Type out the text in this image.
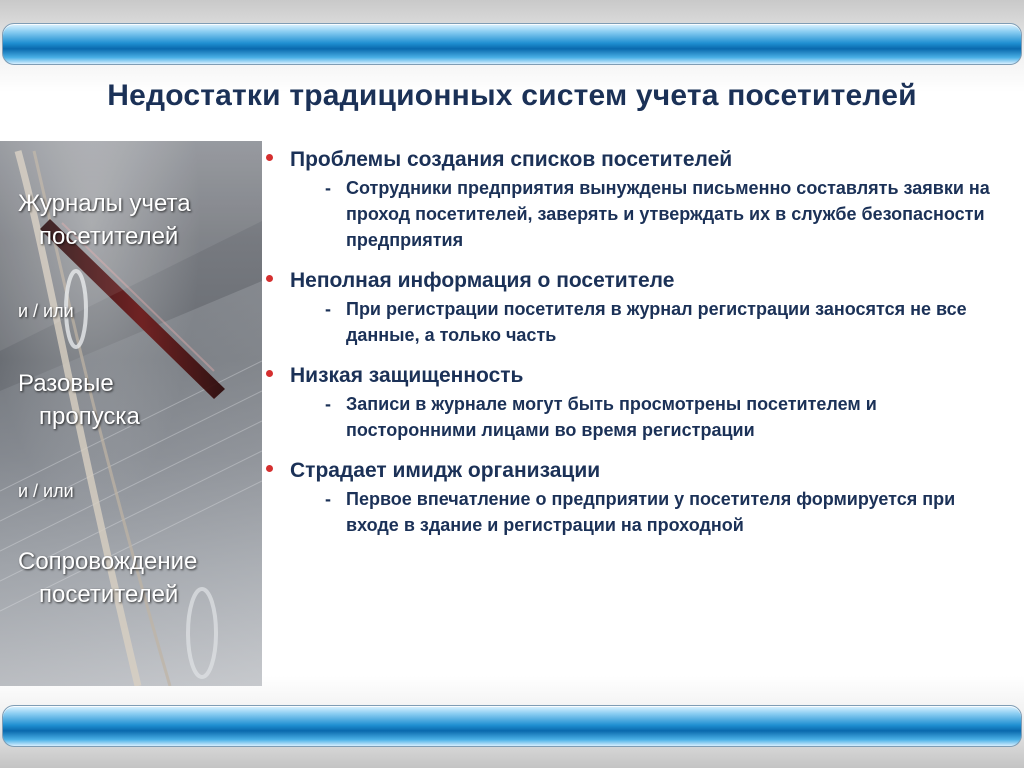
Недостатки традиционных систем учета посетителей
Журналы учета
посетителей
и / или
Разовые
пропуска
и / или
Сопровождение
посетителей
Проблемы создания списков посетителей
- Сотрудники предприятия вынуждены письменно составлять заявки на проход посетителей, заверять и утверждать их в службе безопасности предприятия
Неполная информация о посетителе
- При регистрации посетителя в журнал регистрации заносятся не все данные, а только часть
Низкая защищенность
- Записи в журнале могут быть просмотрены посетителем и посторонними лицами во время регистрации
Страдает имидж организации
- Первое впечатление о предприятии у посетителя формируется при входе в здание и регистрации на проходной
